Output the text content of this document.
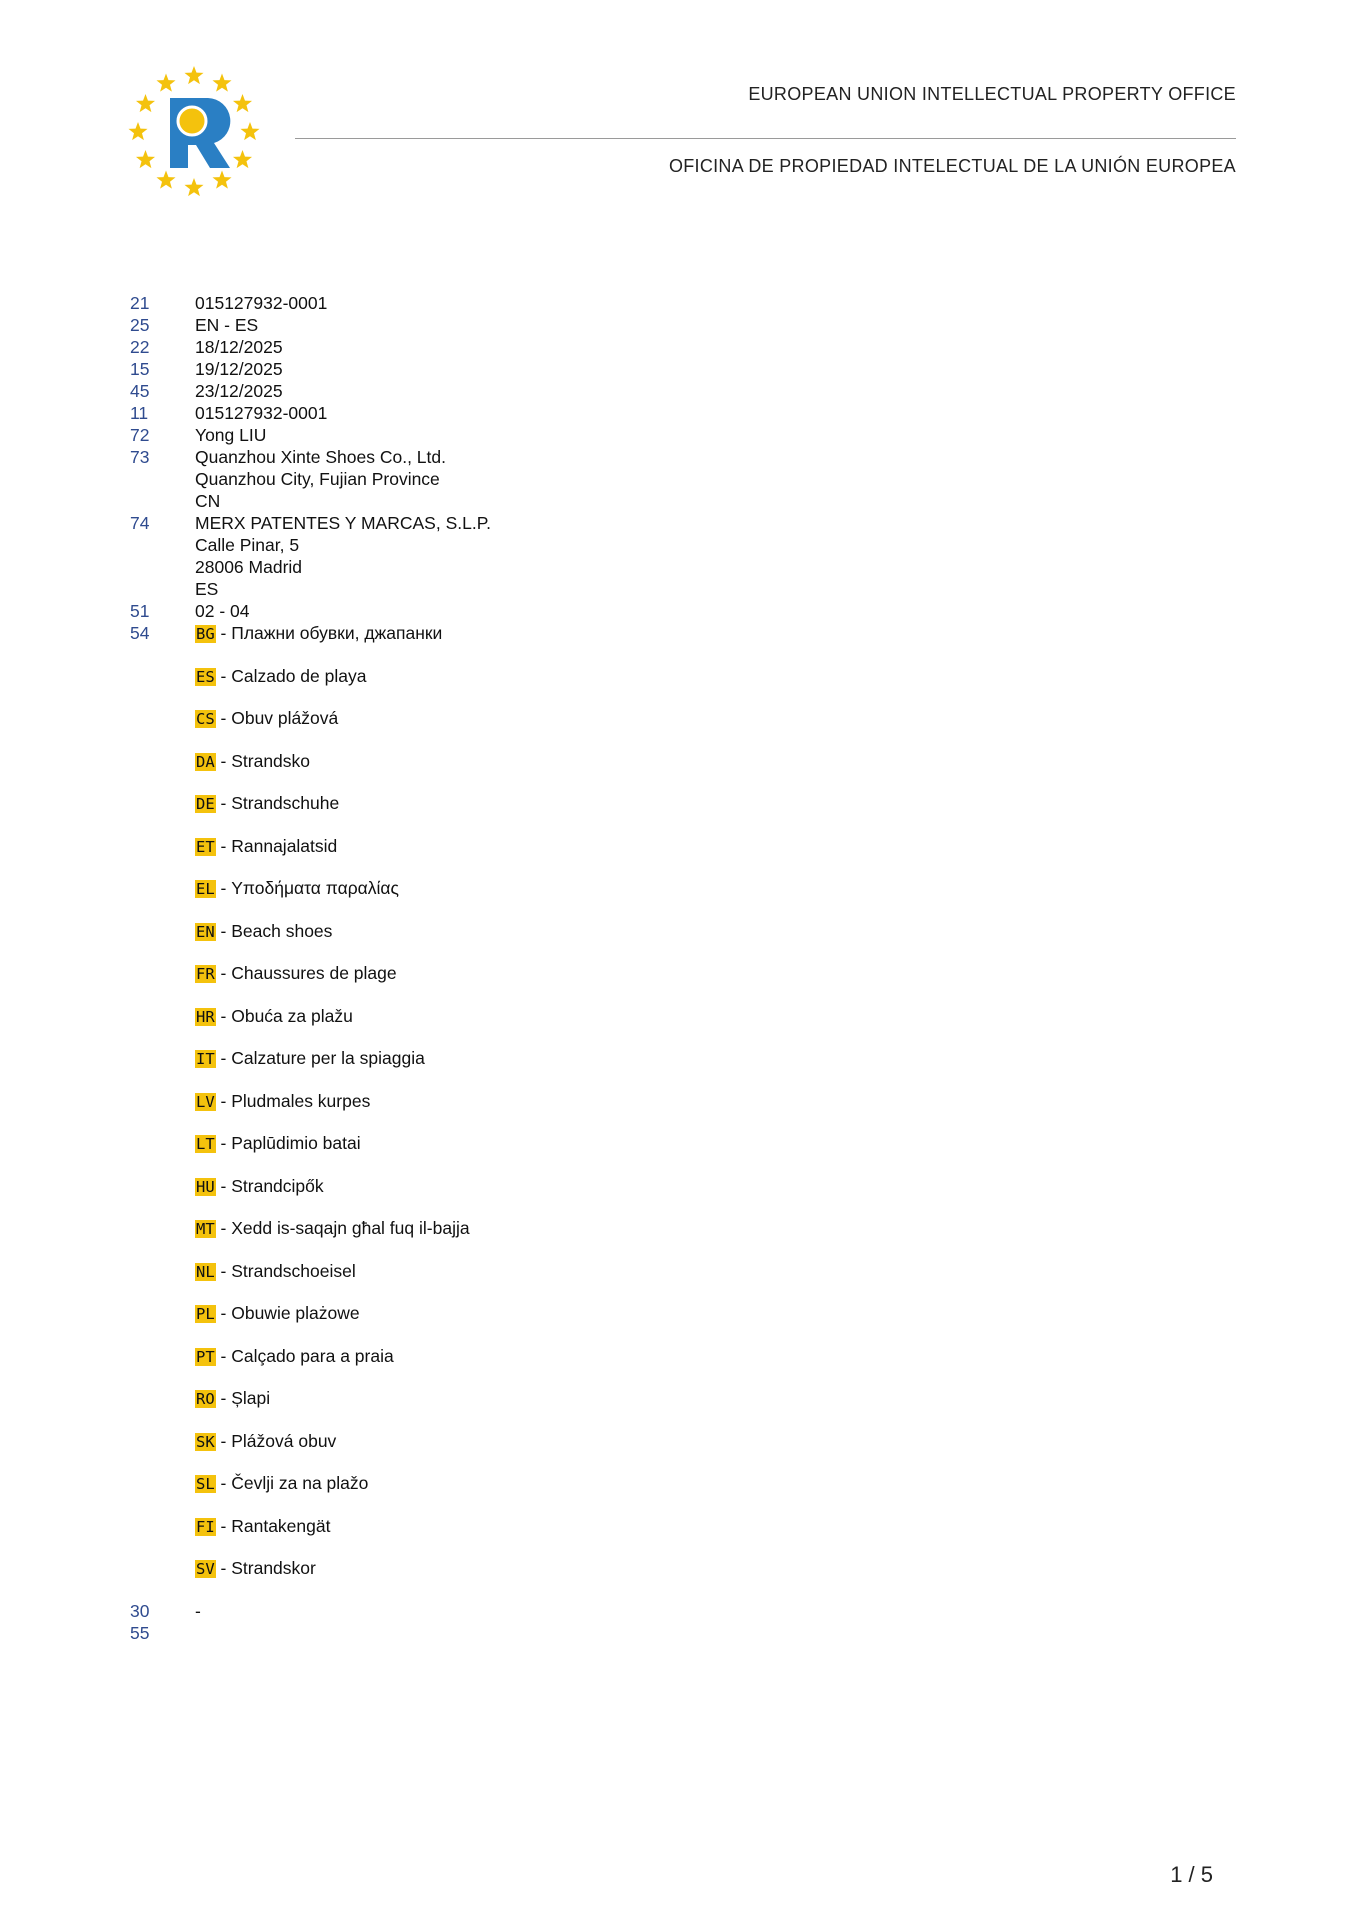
EUROPEAN UNION INTELLECTUAL PROPERTY OFFICE
OFICINA DE PROPIEDAD INTELECTUAL DE LA UNIÓN EUROPEA
21	015127932-0001
25	EN - ES
22	18/12/2025
15	19/12/2025
45	23/12/2025
11	015127932-0001
72	Yong LIU
73	Quanzhou Xinte Shoes Co., Ltd.
Quanzhou City, Fujian Province
CN
74	MERX PATENTES Y MARCAS, S.L.P.
Calle Pinar, 5
28006 Madrid
ES
51	02 - 04
54	BG - Плажни обувки, джапанки
ES - Calzado de playa
CS - Obuv plážová
DA - Strandsko
DE - Strandschuhe
ET - Rannajalatsid
EL - Υποδήματα παραλίας
EN - Beach shoes
FR - Chaussures de plage
HR - Obuća za plažu
IT - Calzature per la spiaggia
LV - Pludmales kurpes
LT - Paplūdimio batai
HU - Strandcipők
MT - Xedd is-saqajn għal fuq il-bajja
NL - Strandschoeisel
PL - Obuwie plażowe
PT - Calçado para a praia
RO - Șlapi
SK - Plážová obuv
SL - Čevlji za na plažo
FI - Rantakengät
SV - Strandskor
30	-
55
1 / 5
